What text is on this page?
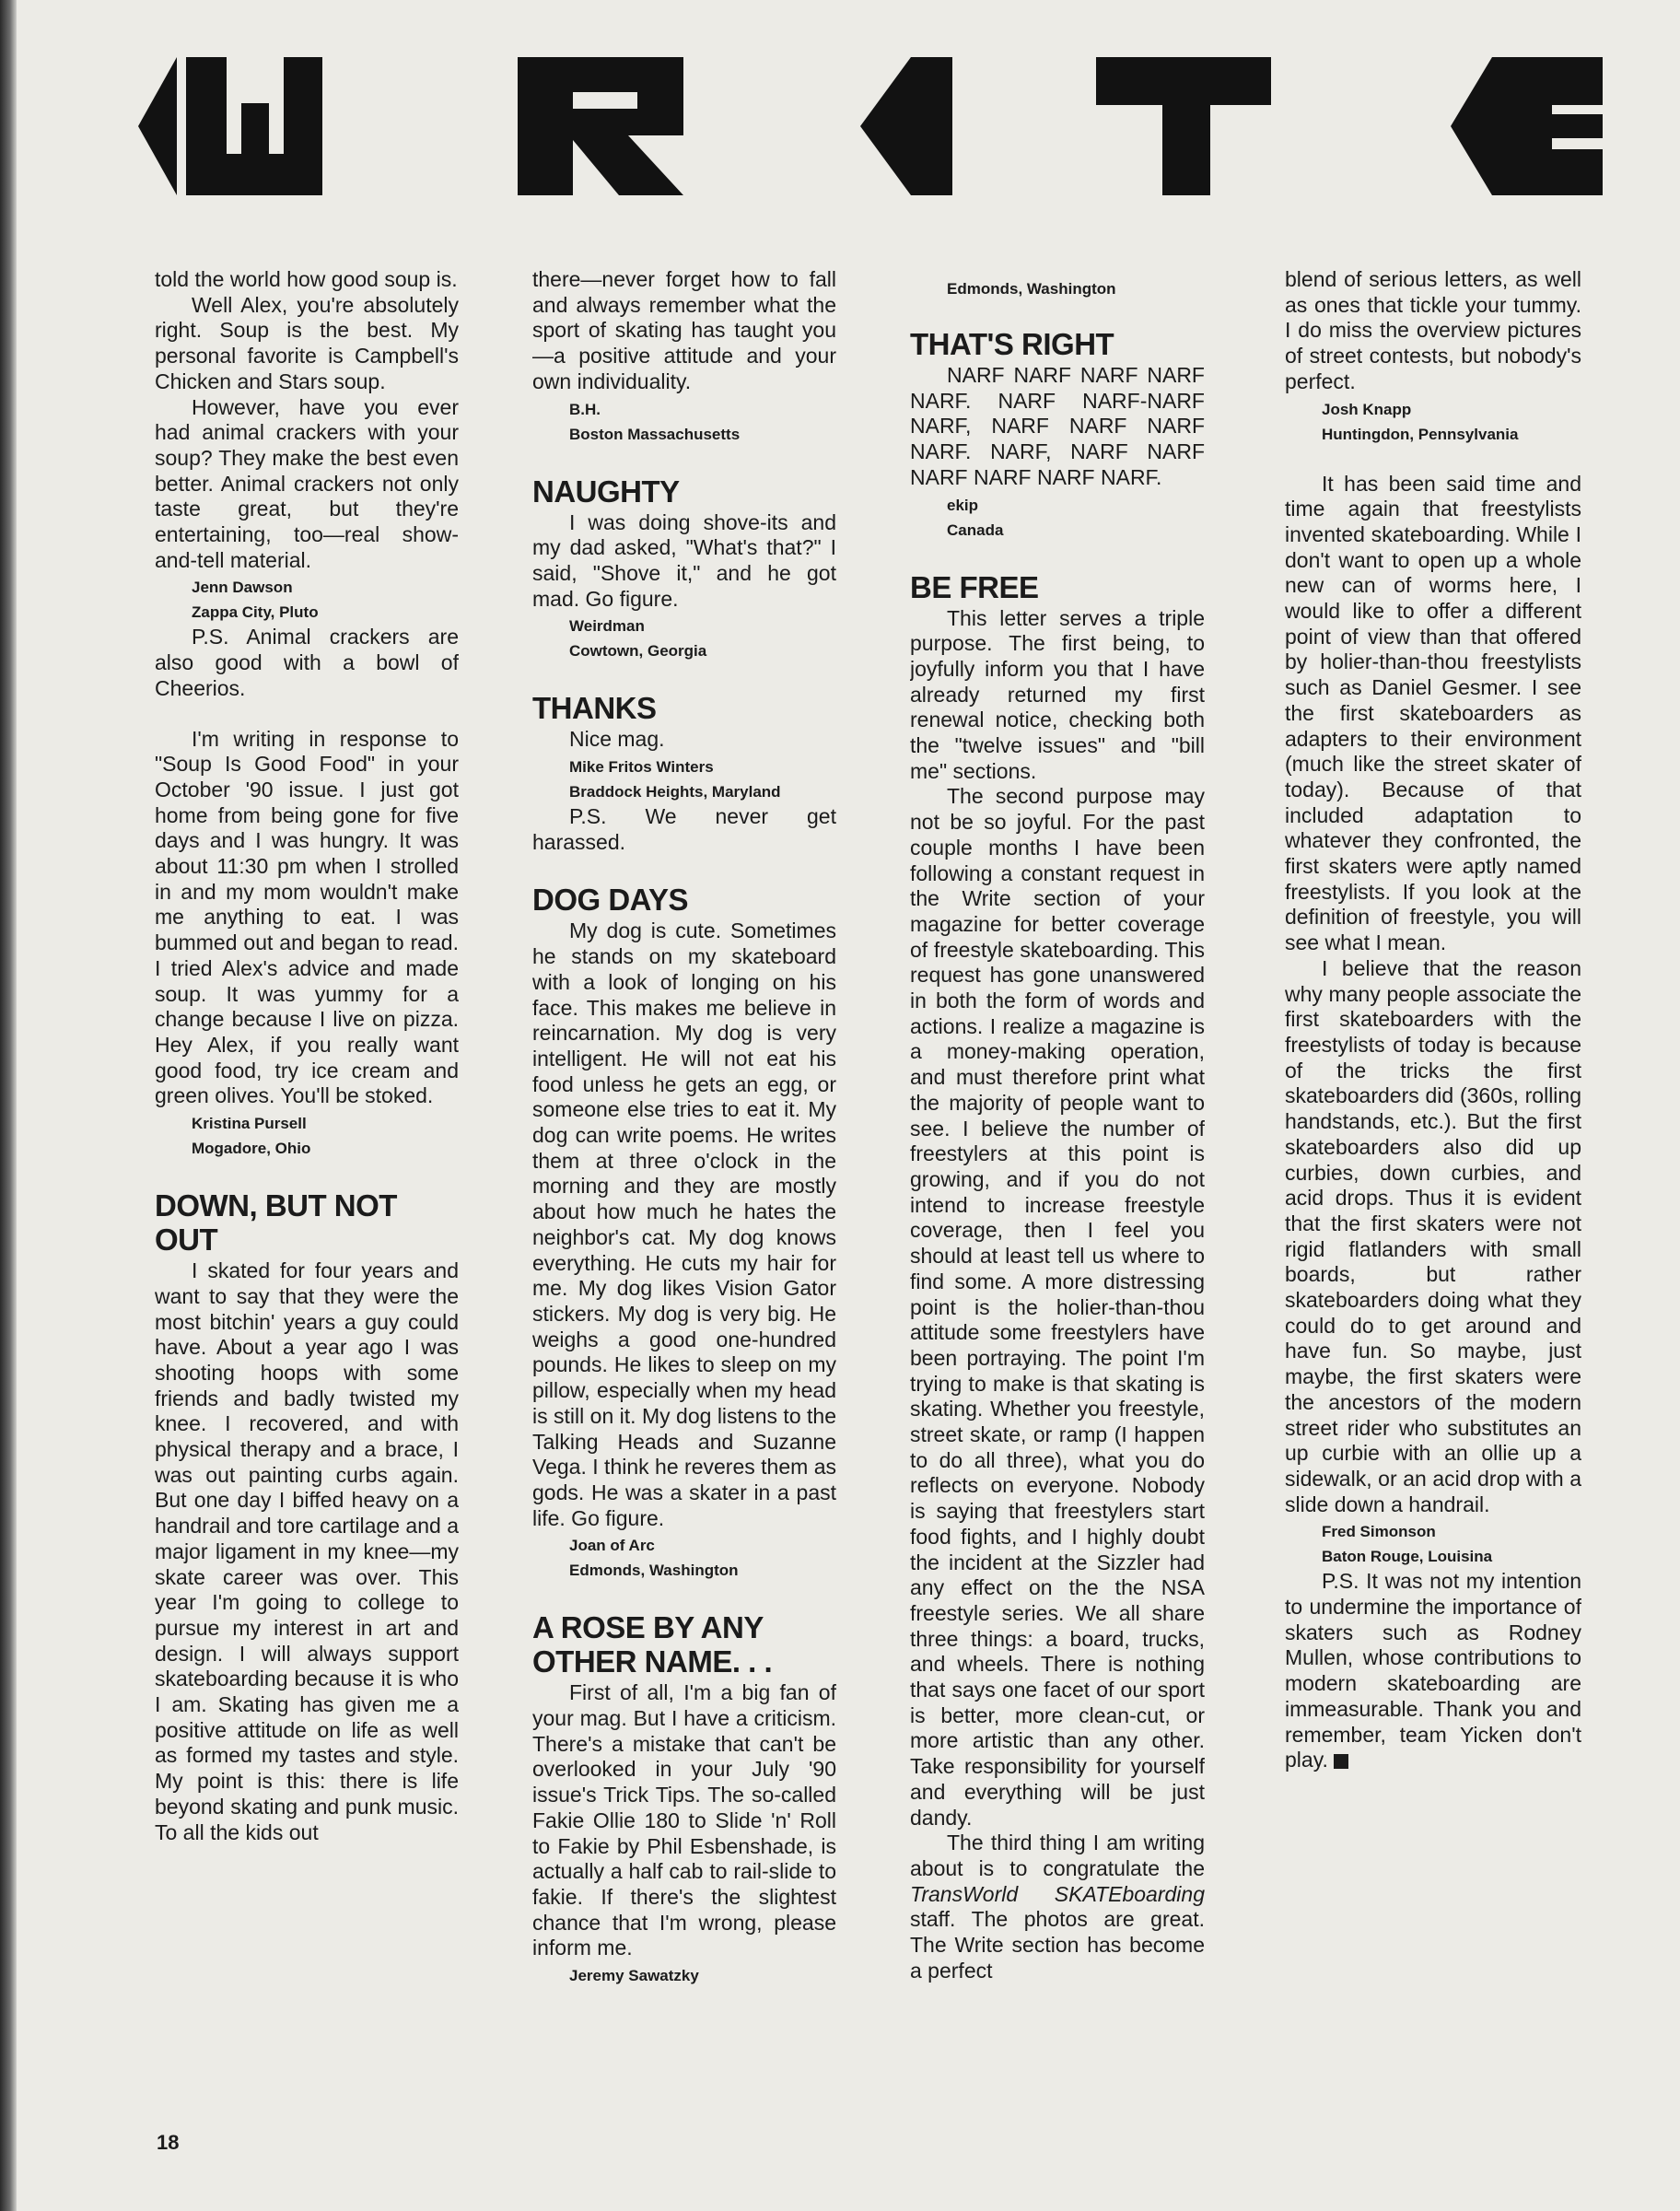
told the world how good soup is.

Well Alex, you're absolutely right. Soup is the best. My personal favorite is Campbell's Chicken and Stars soup.

However, have you ever had animal crackers with your soup? They make the best even better. Animal crackers not only taste great, but they're entertaining, too—real show-and-tell material.

Jenn Dawson
Zappa City, Pluto

P.S. Animal crackers are also good with a bowl of Cheerios.

I'm writing in response to "Soup Is Good Food" in your October '90 issue. I just got home from being gone for five days and I was hungry. It was about 11:30 pm when I strolled in and my mom wouldn't make me anything to eat. I was bummed out and began to read. I tried Alex's advice and made soup. It was yummy for a change because I live on pizza. Hey Alex, if you really want good food, try ice cream and green olives. You'll be stoked.

Kristina Pursell
Mogadore, Ohio
DOWN, BUT NOT OUT

I skated for four years and want to say that they were the most bitchin' years a guy could have. About a year ago I was shooting hoops with some friends and badly twisted my knee. I recovered, and with physical therapy and a brace, I was out painting curbs again. But one day I biffed heavy on a handrail and tore cartilage and a major ligament in my knee—my skate career was over. This year I'm going to college to pursue my interest in art and design. I will always support skateboarding because it is who I am. Skating has given me a positive attitude on life as well as formed my tastes and style. My point is this: there is life beyond skating and punk music. To all the kids out

there—never forget how to fall and always remember what the sport of skating has taught you—a positive attitude and your own individuality.

B.H.
Boston Massachusetts
NAUGHTY

I was doing shove-its and my dad asked, "What's that?" I said, "Shove it," and he got mad. Go figure.

Weirdman
Cowtown, Georgia
THANKS

Nice mag.

Mike Fritos Winters
Braddock Heights, Maryland

P.S. We never get harassed.

DOG DAYS

My dog is cute. Sometimes he stands on my skateboard with a look of longing on his face. This makes me believe in reincarnation. My dog is very intelligent. He will not eat his food unless he gets an egg, or someone else tries to eat it. My dog can write poems. He writes them at three o'clock in the morning and they are mostly about how much he hates the neighbor's cat. My dog knows everything. He cuts my hair for me. My dog likes Vision Gator stickers. My dog is very big. He weighs a good one-hundred pounds. He likes to sleep on my pillow, especially when my head is still on it. My dog listens to the Talking Heads and Suzanne Vega. I think he reveres them as gods. He was a skater in a past life. Go figure.

Joan of Arc
Edmonds, Washington
A ROSE BY ANY OTHER NAME. . .

First of all, I'm a big fan of your mag. But I have a criticism. There's a mistake that can't be overlooked in your July '90 issue's Trick Tips. The so-called Fakie Ollie 180 to Slide 'n' Roll to Fakie by Phil Esbenshade, is actually a half cab to rail-slide to fakie. If there's the slightest chance that I'm wrong, please inform me.

Jeremy Sawatzky
Edmonds, Washington
THAT'S RIGHT

NARF NARF NARF NARF NARF. NARF NARF-NARF NARF, NARF NARF NARF NARF. NARF, NARF NARF NARF NARF NARF NARF.

ekip
Canada
BE FREE

This letter serves a triple purpose. The first being, to joyfully inform you that I have already returned my first renewal notice, checking both the "twelve issues" and "bill me" sections.

The second purpose may not be so joyful. For the past couple months I have been following a constant request in the Write section of your magazine for better coverage of freestyle skateboarding. This request has gone unanswered in both the form of words and actions. I realize a magazine is a money-making operation, and must therefore print what the majority of people want to see. I believe the number of freestylers at this point is growing, and if you do not intend to increase freestyle coverage, then I feel you should at least tell us where to find some. A more distressing point is the holier-than-thou attitude some freestylers have been portraying. The point I'm trying to make is that skating is skating. Whether you freestyle, street skate, or ramp (I happen to do all three), what you do reflects on everyone. Nobody is saying that freestylers start food fights, and I highly doubt the incident at the Sizzler had any effect on the the NSA freestyle series. We all share three things: a board, trucks, and wheels. There is nothing that says one facet of our sport is better, more clean-cut, or more artistic than any other. Take responsibility for yourself and everything will be just dandy.

The third thing I am writing about is to congratulate the TransWorld SKATEboarding staff. The photos are great. The Write section has become a perfect

blend of serious letters, as well as ones that tickle your tummy. I do miss the overview pictures of street contests, but nobody's perfect.

Josh Knapp
Huntingdon, Pennsylvania

It has been said time and time again that freestylists invented skateboarding. While I don't want to open up a whole new can of worms here, I would like to offer a different point of view than that offered by holier-than-thou freestylists such as Daniel Gesmer. I see the first skateboarders as adapters to their environment (much like the street skater of today). Because of that included adaptation to whatever they confronted, the first skaters were aptly named freestylists. If you look at the definition of freestyle, you will see what I mean.

I believe that the reason why many people associate the first skateboarders with the freestylists of today is because of the tricks the first skateboarders did (360s, rolling handstands, etc.). But the first skateboarders also did up curbies, down curbies, and acid drops. Thus it is evident that the first skaters were not rigid flatlanders with small boards, but rather skateboarders doing what they could do to get around and have fun. So maybe, just maybe, the first skaters were the ancestors of the modern street rider who substitutes an up curbie with an ollie up a sidewalk, or an acid drop with a slide down a handrail.

Fred Simonson
Baton Rouge, Louisina

P.S. It was not my intention to undermine the importance of skaters such as Rodney Mullen, whose contributions to modern skateboarding are immeasurable. Thank you and remember, team Yicken don't play.	T

18
